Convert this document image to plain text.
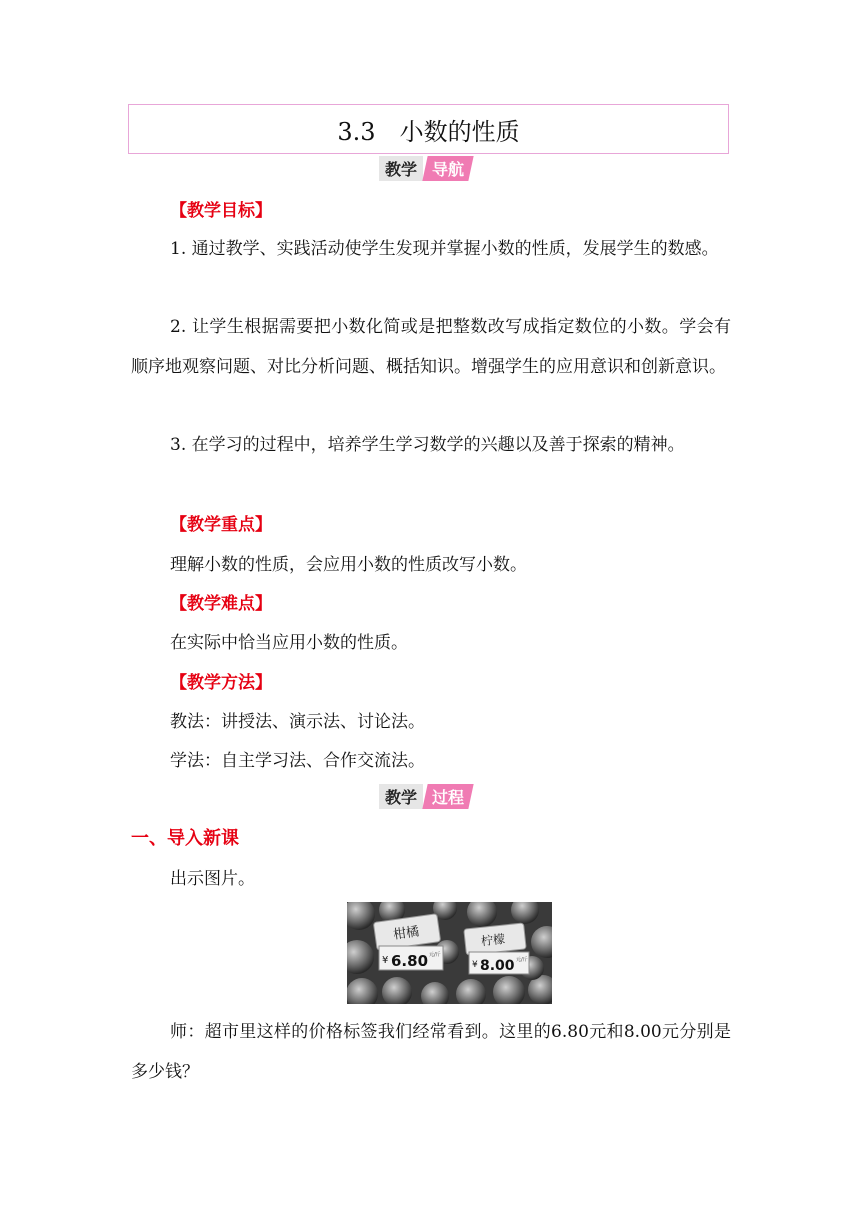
3.3　小数的性质
教学 导航
【教学目标】

1. 通过教学、实践活动使学生发现并掌握小数的性质，发展学生的数感。

2. 让学生根据需要把小数化简或是把整数改写成指定数位的小数。学会有顺序地观察问题、对比分析问题、概括知识。增强学生的应用意识和创新意识。

3. 在学习的过程中，培养学生学习数学的兴趣以及善于探索的精神。

【教学重点】
理解小数的性质，会应用小数的性质改写小数。
【教学难点】
在实际中恰当应用小数的性质。
【教学方法】
教法：讲授法、演示法、讨论法。
学法：自主学习法、合作交流法。
教学 过程
一、导入新课
出示图片。
柑橘
¥ 6.80 元/斤
柠檬
¥ 8.00 元/斤

师：超市里这样的价格标签我们经常看到。这里的6.80元和8.00元分别是多少钱？
